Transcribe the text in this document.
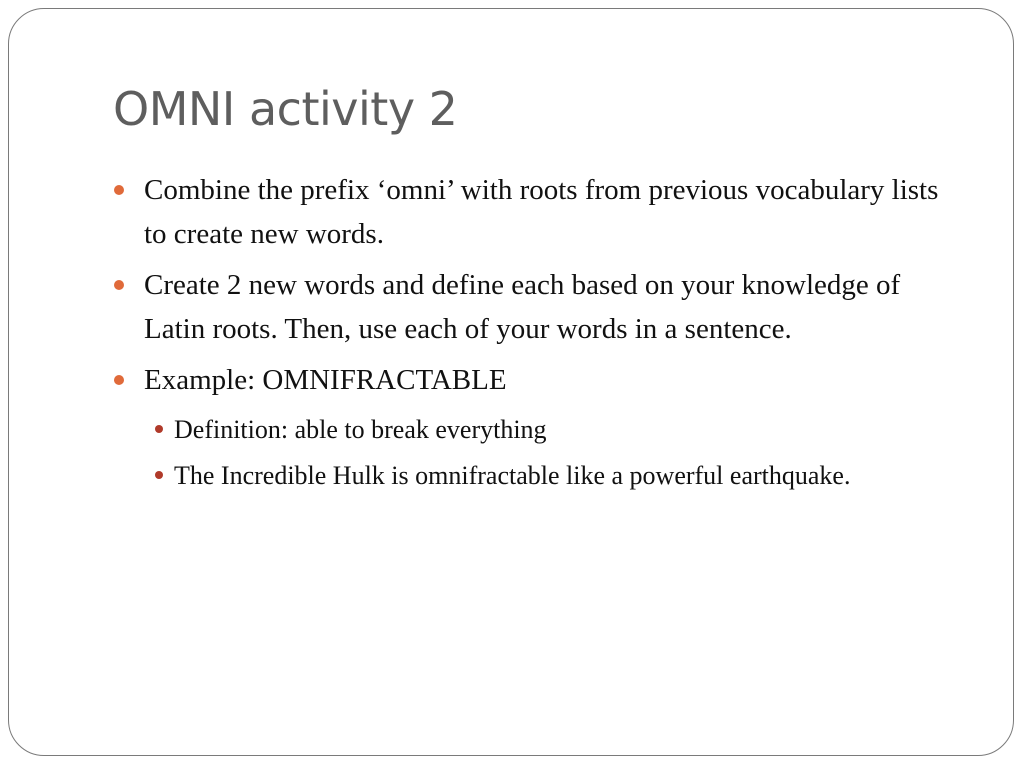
OMNI activity 2
Combine the prefix ‘omni’ with roots from previous vocabulary lists to create new words.
Create 2 new words and define each based on your knowledge of Latin roots. Then, use each of your words in a sentence.
Example: OMNIFRACTABLE
Definition: able to break everything
The Incredible Hulk is omnifractable like a powerful earthquake.
